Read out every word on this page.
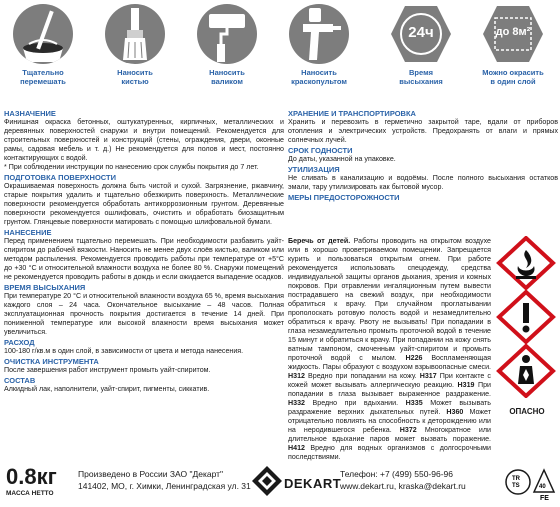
Тщательно
перемешать
Наносить
кистью
Наносить
валиком
Наносить
краскопультом
24ч
Время
высыхания
до 8м²
Можно окрасить
в один слой
НАЗНАЧЕНИЕ
Финишная окраска бетонных, оштукатуренных, кирпичных, металлических и деревянных поверхностей снаружи и внутри помещений. Рекомендуется для строительных поверхностей и конструкций (стены, ограждения, двери, оконные рамы, садовая мебель и т. д.) Не рекомендуется для полов и мест, постоянно контактирующих с водой.
* При соблюдении инструкции по нанесению срок службы покрытия до 7 лет.
ПОДГОТОВКА ПОВЕРХНОСТИ
Окрашиваемая поверхность должна быть чистой и сухой. Загрязнение, ржавчину, старые покрытия удалить и тщательно обезжирить поверхность. Металлические поверхности рекомендуется обработать антикоррозионным грунтом. Деревянные поверхности рекомендуется ошлифовать, очистить и обработать биозащитным грунтом. Глянцевые поверхности матировать с помощью шлифовальной бумаги.
НАНЕСЕНИЕ
Перед применением тщательно перемешать. При необходимости разбавить уайт-спиритом до рабочей вязкости. Наносить не менее двух слоёв кистью, валиком или методом распыления. Рекомендуется проводить работы при температуре от +5°С до +30 °С и относительной влажности воздуха не более 80 %. Снаружи помещений не рекомендуется проводить работы в дождь и если ожидается выпадение осадков.
ВРЕМЯ ВЫСЫХАНИЯ
При температуре 20 °С и относительной влажности воздуха 65 %, время высыхания каждого слоя – 24 часа. Окончательное высыхание – 48 часов. Полная эксплуатационная прочность покрытия достигается в течение 14 дней. При пониженной температуре или высокой влажности время высыхания может увеличиться.
РАСХОД
100-180 г/кв.м в один слой, в зависимости от цвета и метода нанесения.
ОЧИСТКА ИНСТРУМЕНТА
После завершения работ инструмент промыть уайт-спиритом.
СОСТАВ
Алкидный лак, наполнители, уайт-спирит, пигменты, сиккатив.
ХРАНЕНИЕ И ТРАНСПОРТИРОВКА
Хранить и перевозить в герметично закрытой таре, вдали от приборов отопления и электрических устройств. Предохранять от влаги и прямых солнечных лучей.
СРОК ГОДНОСТИ
До даты, указанной на упаковке.
УТИЛИЗАЦИЯ
Не сливать в канализацию и водоёмы. После полного высыхания остатков эмали, тару утилизировать как бытовой мусор.
МЕРЫ ПРЕДОСТОРОЖНОСТИ
Беречь от детей. Работы проводить на открытом воздухе или в хорошо проветриваемом помещении. Запрещается курить и пользоваться открытым огнем. При работе рекомендуется использовать спецодежду, средства индивидуальной защиты органов дыхания, зрения и кожных покровов. При отравлении ингаляционным путем вывести пострадавшего на свежий воздух, при необходимости обратиться к врачу. При случайном проглатывании прополоскать ротовую полость водой и незамедлительно обратиться к врачу. Рвоту не вызывать! При попадании в глаза незамедлительно промыть проточной водой в течение 15 минут и обратиться к врачу. При попадании на кожу снять ватным тампоном, смоченным уайт-спиритом и промыть проточной водой с мылом. H226 Воспламеняющая жидкость. Пары образуют с воздухом взрывоопасные смеси. H312 Вредно при попадании на кожу. H317 При контакте с кожей может вызывать аллергическую реакцию. H319 При попадании в глаза вызывает выраженное раздражение. H332 Вредно при вдыхании. H335 Может вызывать раздражение верхних дыхательных путей. H360 Может отрицательно повлиять на способность к деторождению или на неродившегося ребенка. H372 Многократное или длительное вдыхание паров может вызвать поражение. H412 Вредно для водных организмов с долгосрочными последствиями.
ОПАСНО
0.8кг
МАССА НЕТТО
Произведено в России ЗАО "Декарт"
141402, МО, г. Химки, Ленинградская ул. 31	DEKART
Телефон: +7 (499) 550-96-96
www.dekart.ru, kraska@dekart.ru
TR
TS	40
FE
